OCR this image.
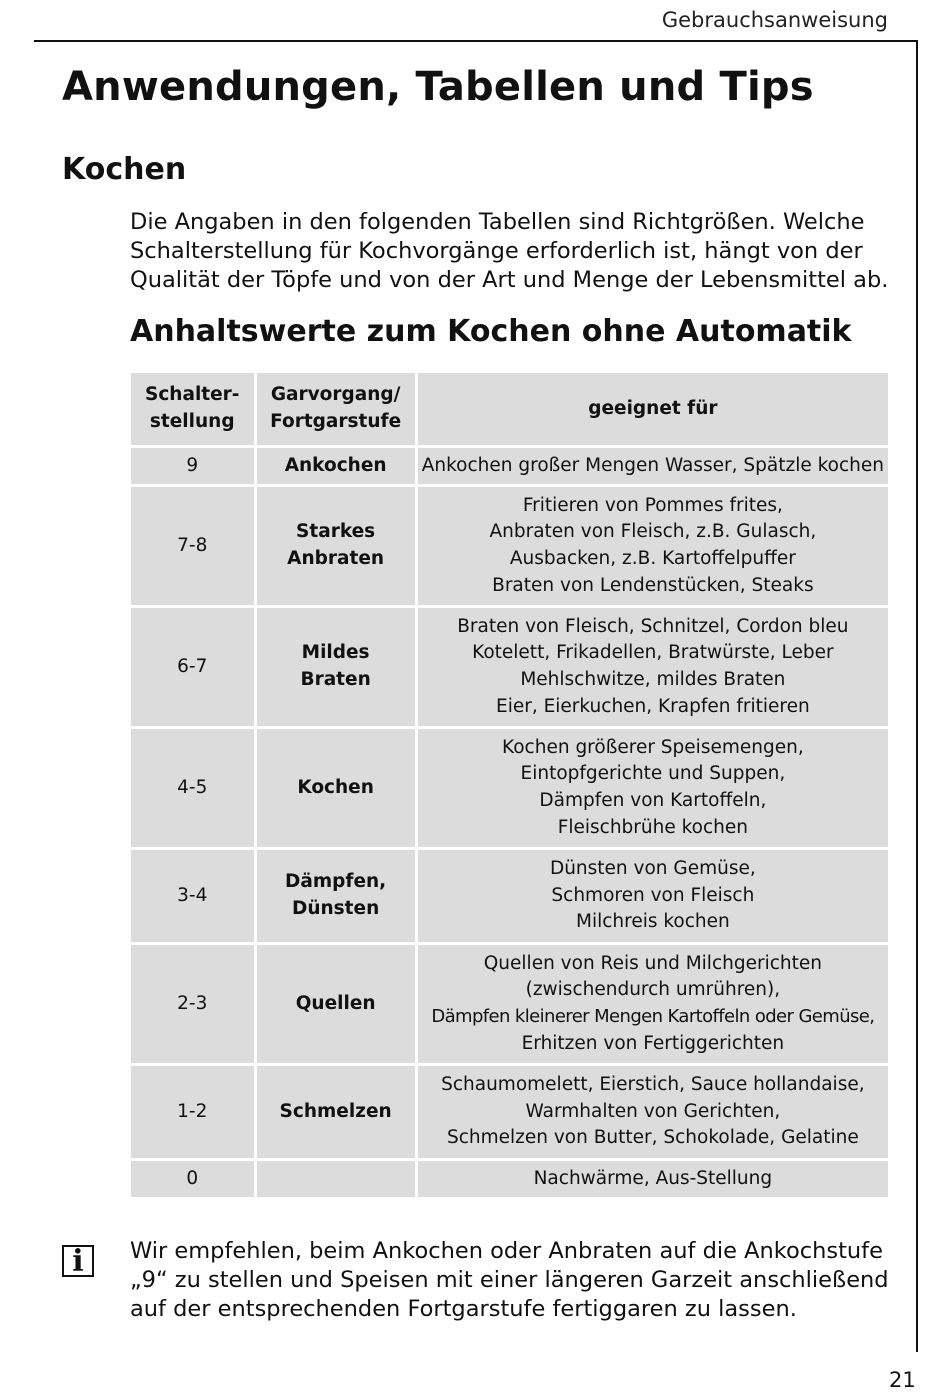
Gebrauchsanweisung
Anwendungen, Tabellen und Tips
Kochen

Die Angaben in den folgenden Tabellen sind Richtgrößen. Welche Schalterstellung für Kochvorgänge erforderlich ist, hängt von der Qualität der Töpfe und von der Art und Menge der Lebensmittel ab.

Anhaltswerte zum Kochen ohne Automatik
Schalter-
stellung	Garvorgang/
Fortgarstufe	geeignet für
9	Ankochen	Ankochen großer Mengen Wasser, Spätzle kochen

7-8	Starkes
Anbraten	Fritieren von Pommes frites,
Anbraten von Fleisch, z.B. Gulasch,
Ausbacken, z.B. Kartoffelpuffer
Braten von Lendenstücken, Steaks

6-7	Mildes
Braten	Braten von Fleisch, Schnitzel, Cordon bleu
Kotelett, Frikadellen, Bratwürste, Leber
Mehlschwitze, mildes Braten
Eier, Eierkuchen, Krapfen fritieren

4-5	Kochen	Kochen größerer Speisemengen,
Eintopfgerichte und Suppen,
Dämpfen von Kartoffeln,
Fleischbrühe kochen

3-4	Dämpfen,
Dünsten	Dünsten von Gemüse,
Schmoren von Fleisch
Milchreis kochen

2-3	Quellen	Quellen von Reis und Milchgerichten
(zwischendurch umrühren),
Dämpfen kleinerer Mengen Kartoffeln oder Gemüse,
Erhitzen von Fertiggerichten

1-2	Schmelzen	Schaumomelett, Eierstich, Sauce hollandaise,
Warmhalten von Gerichten,
Schmelzen von Butter, Schokolade, Gelatine

0		Nachwärme, Aus-Stellung
i	Wir empfehlen, beim Ankochen oder Anbraten auf die Ankochstufe „9“ zu stellen und Speisen mit einer längeren Garzeit anschließend auf der entsprechenden Fortgarstufe fertiggaren zu lassen.

21
